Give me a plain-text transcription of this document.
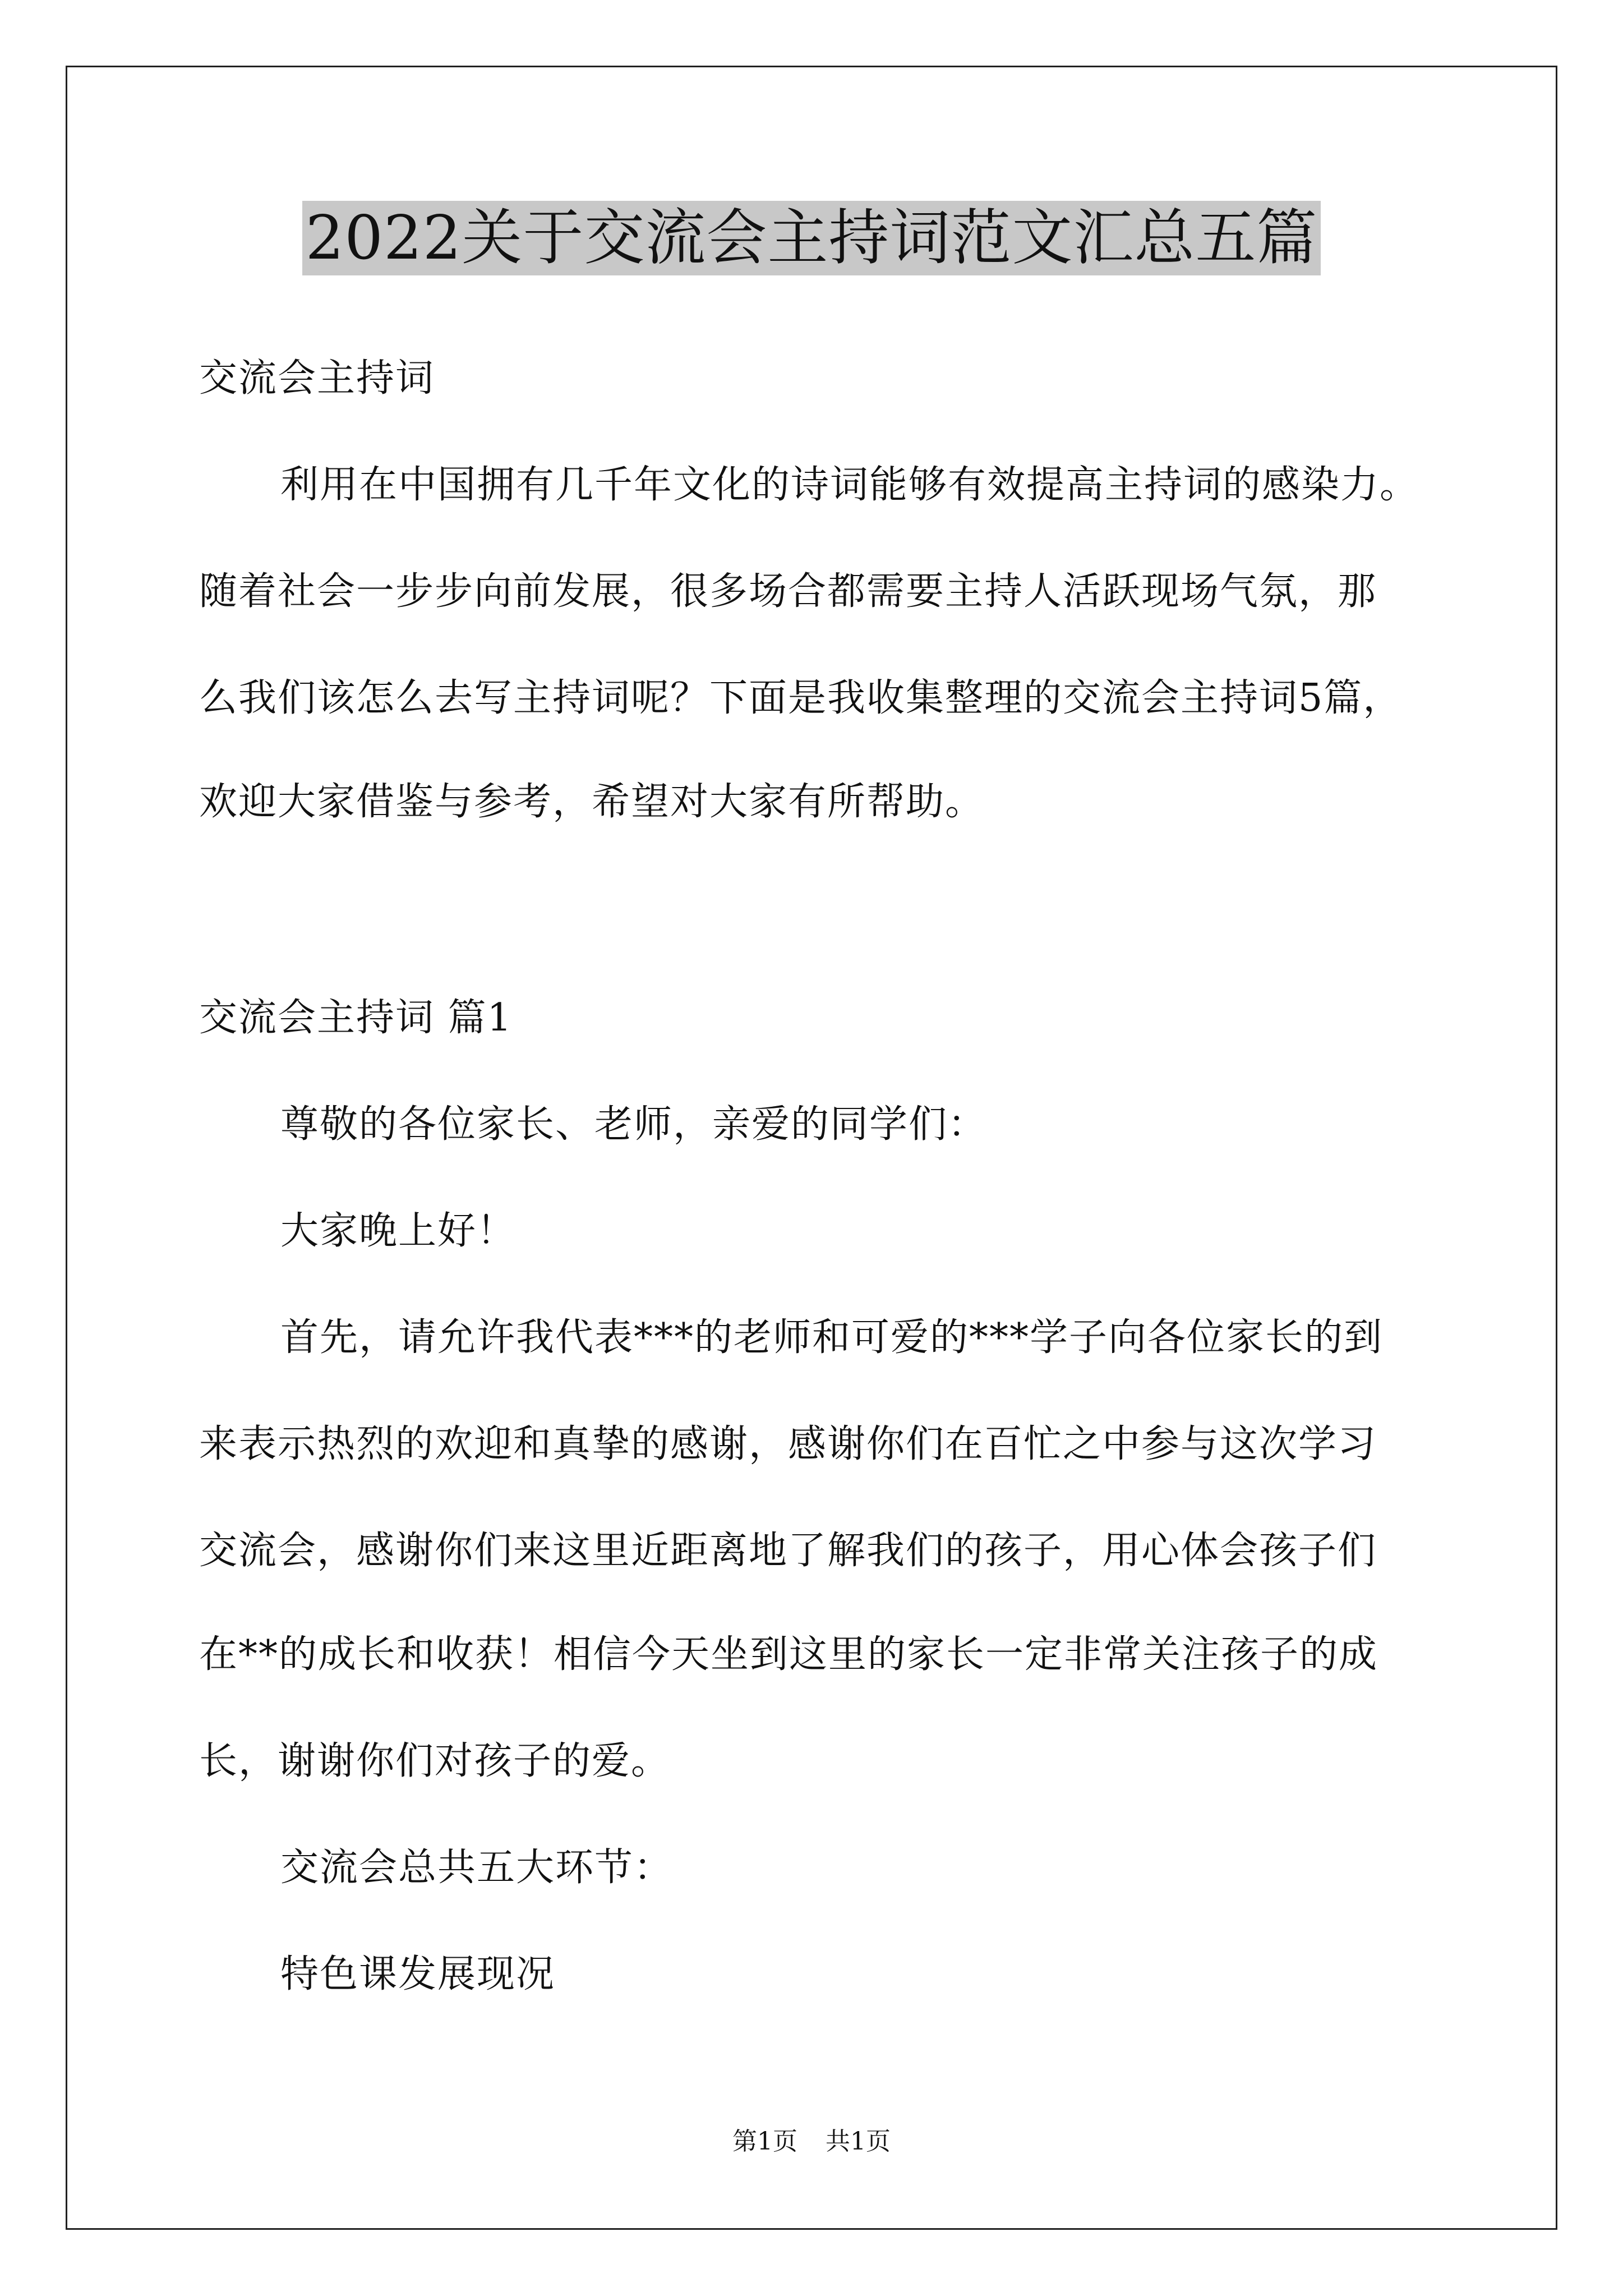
2022关于交流会主持词范文汇总五篇
交流会主持词
利用在中国拥有几千年文化的诗词能够有效提高主持词的感染力。
随着社会一步步向前发展，很多场合都需要主持人活跃现场气氛，那
么我们该怎么去写主持词呢？下面是我收集整理的交流会主持词5篇，
欢迎大家借鉴与参考，希望对大家有所帮助。
交流会主持词 篇1
尊敬的各位家长、老师，亲爱的同学们：
大家晚上好！
首先，请允许我代表***的老师和可爱的***学子向各位家长的到
来表示热烈的欢迎和真挚的感谢，感谢你们在百忙之中参与这次学习
交流会，感谢你们来这里近距离地了解我们的孩子，用心体会孩子们
在**的成长和收获！相信今天坐到这里的家长一定非常关注孩子的成
长，谢谢你们对孩子的爱。
交流会总共五大环节：
特色课发展现况
第1页 共1页
